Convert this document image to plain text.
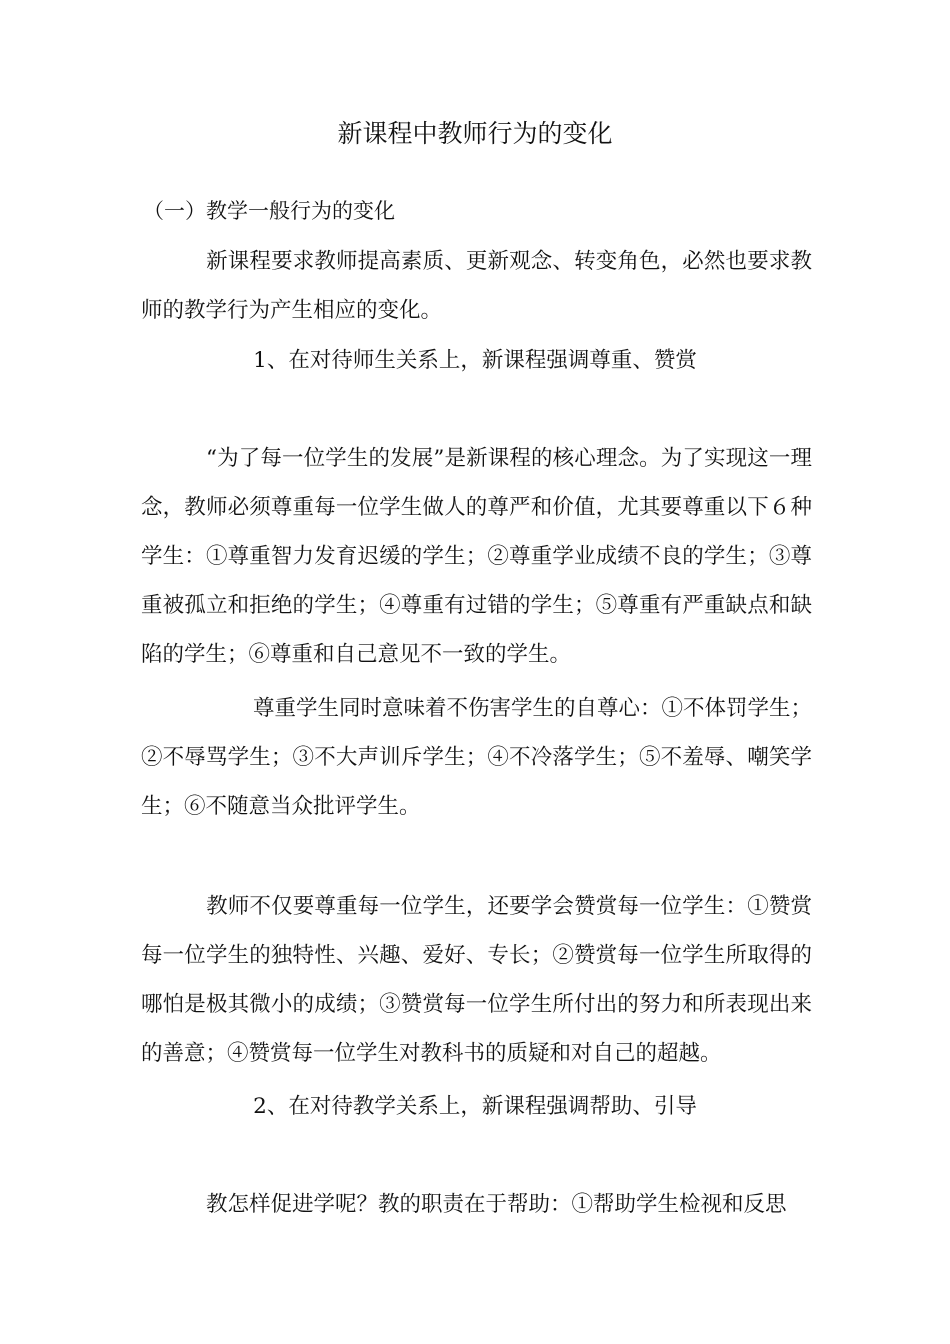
新课程中教师行为的变化
（一）教学一般行为的变化
新课程要求教师提高素质、更新观念、转变角色，必然也要求教师的教学行为产生相应的变化。
1、在对待师生关系上，新课程强调尊重、赞赏
“为了每一位学生的发展”是新课程的核心理念。为了实现这一理念，教师必须尊重每一位学生做人的尊严和价值，尤其要尊重以下６种学生：①尊重智力发育迟缓的学生；②尊重学业成绩不良的学生；③尊重被孤立和拒绝的学生；④尊重有过错的学生；⑤尊重有严重缺点和缺陷的学生；⑥尊重和自己意见不一致的学生。
尊重学生同时意味着不伤害学生的自尊心：①不体罚学生；②不辱骂学生；③不大声训斥学生；④不冷落学生；⑤不羞辱、嘲笑学生；⑥不随意当众批评学生。
教师不仅要尊重每一位学生，还要学会赞赏每一位学生：①赞赏每一位学生的独特性、兴趣、爱好、专长；②赞赏每一位学生所取得的哪怕是极其微小的成绩；③赞赏每一位学生所付出的努力和所表现出来的善意；④赞赏每一位学生对教科书的质疑和对自己的超越。
2、在对待教学关系上，新课程强调帮助、引导
教怎样促进学呢？教的职责在于帮助：①帮助学生检视和反思
